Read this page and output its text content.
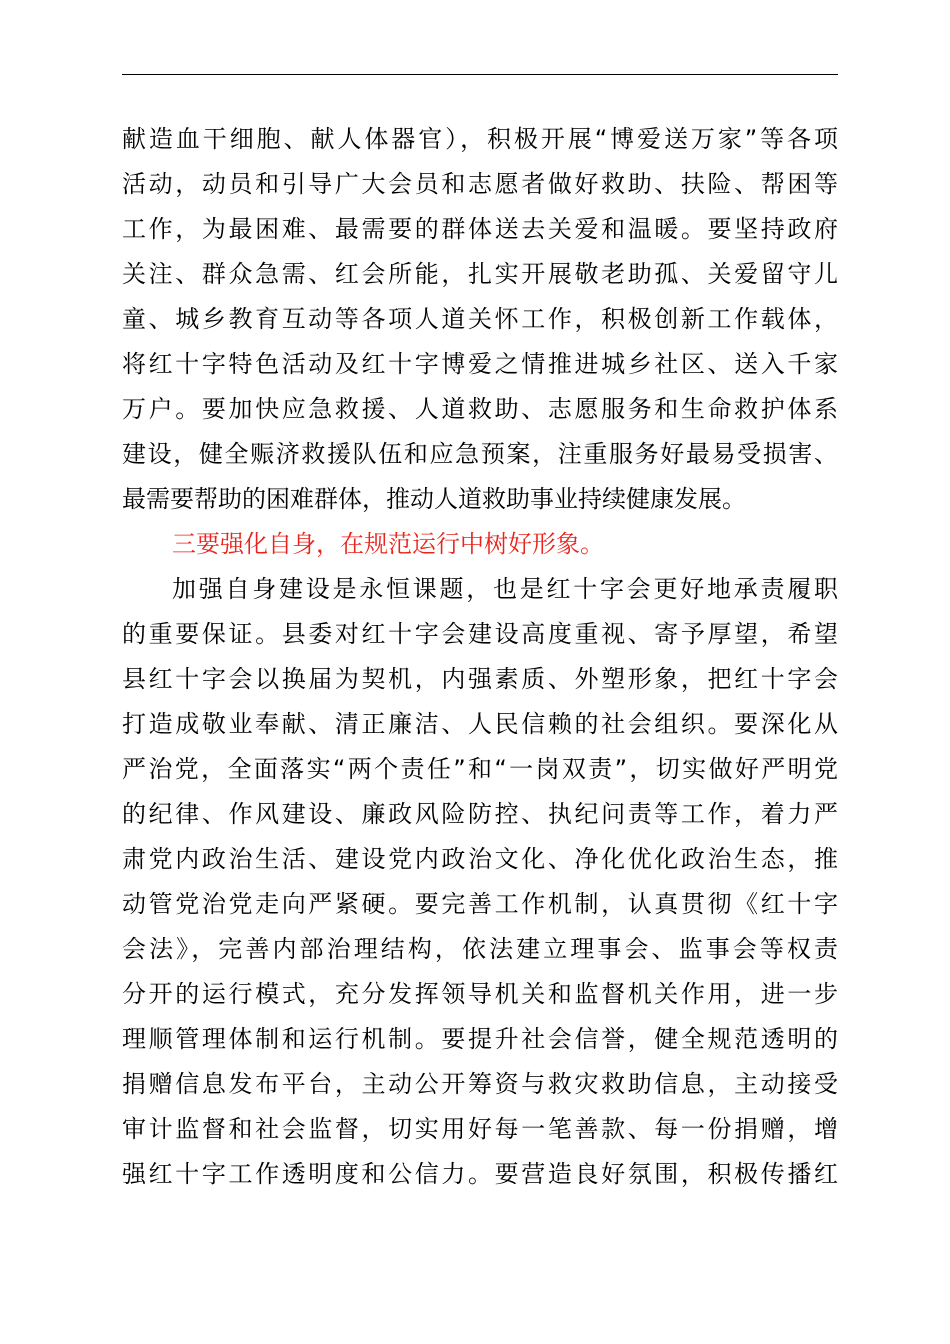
献造血干细胞、献人体器官），积极开展“博爱送万家”等各项
活动，动员和引导广大会员和志愿者做好救助、扶险、帮困等
工作，为最困难、最需要的群体送去关爱和温暖。要坚持政府
关注、群众急需、红会所能，扎实开展敬老助孤、关爱留守儿
童、城乡教育互动等各项人道关怀工作，积极创新工作载体，
将红十字特色活动及红十字博爱之情推进城乡社区、送入千家
万户。要加快应急救援、人道救助、志愿服务和生命救护体系
建设，健全赈济救援队伍和应急预案，注重服务好最易受损害、
最需要帮助的困难群体，推动人道救助事业持续健康发展。
三要强化自身，在规范运行中树好形象。
加强自身建设是永恒课题，也是红十字会更好地承责履职
的重要保证。县委对红十字会建设高度重视、寄予厚望，希望
县红十字会以换届为契机，内强素质、外塑形象，把红十字会
打造成敬业奉献、清正廉洁、人民信赖的社会组织。要深化从
严治党，全面落实“两个责任”和“一岗双责”，切实做好严明党
的纪律、作风建设、廉政风险防控、执纪问责等工作，着力严
肃党内政治生活、建设党内政治文化、净化优化政治生态，推
动管党治党走向严紧硬。要完善工作机制，认真贯彻《红十字
会法》，完善内部治理结构，依法建立理事会、监事会等权责
分开的运行模式，充分发挥领导机关和监督机关作用，进一步
理顺管理体制和运行机制。要提升社会信誉，健全规范透明的
捐赠信息发布平台，主动公开筹资与救灾救助信息，主动接受
审计监督和社会监督，切实用好每一笔善款、每一份捐赠，增
强红十字工作透明度和公信力。要营造良好氛围，积极传播红
